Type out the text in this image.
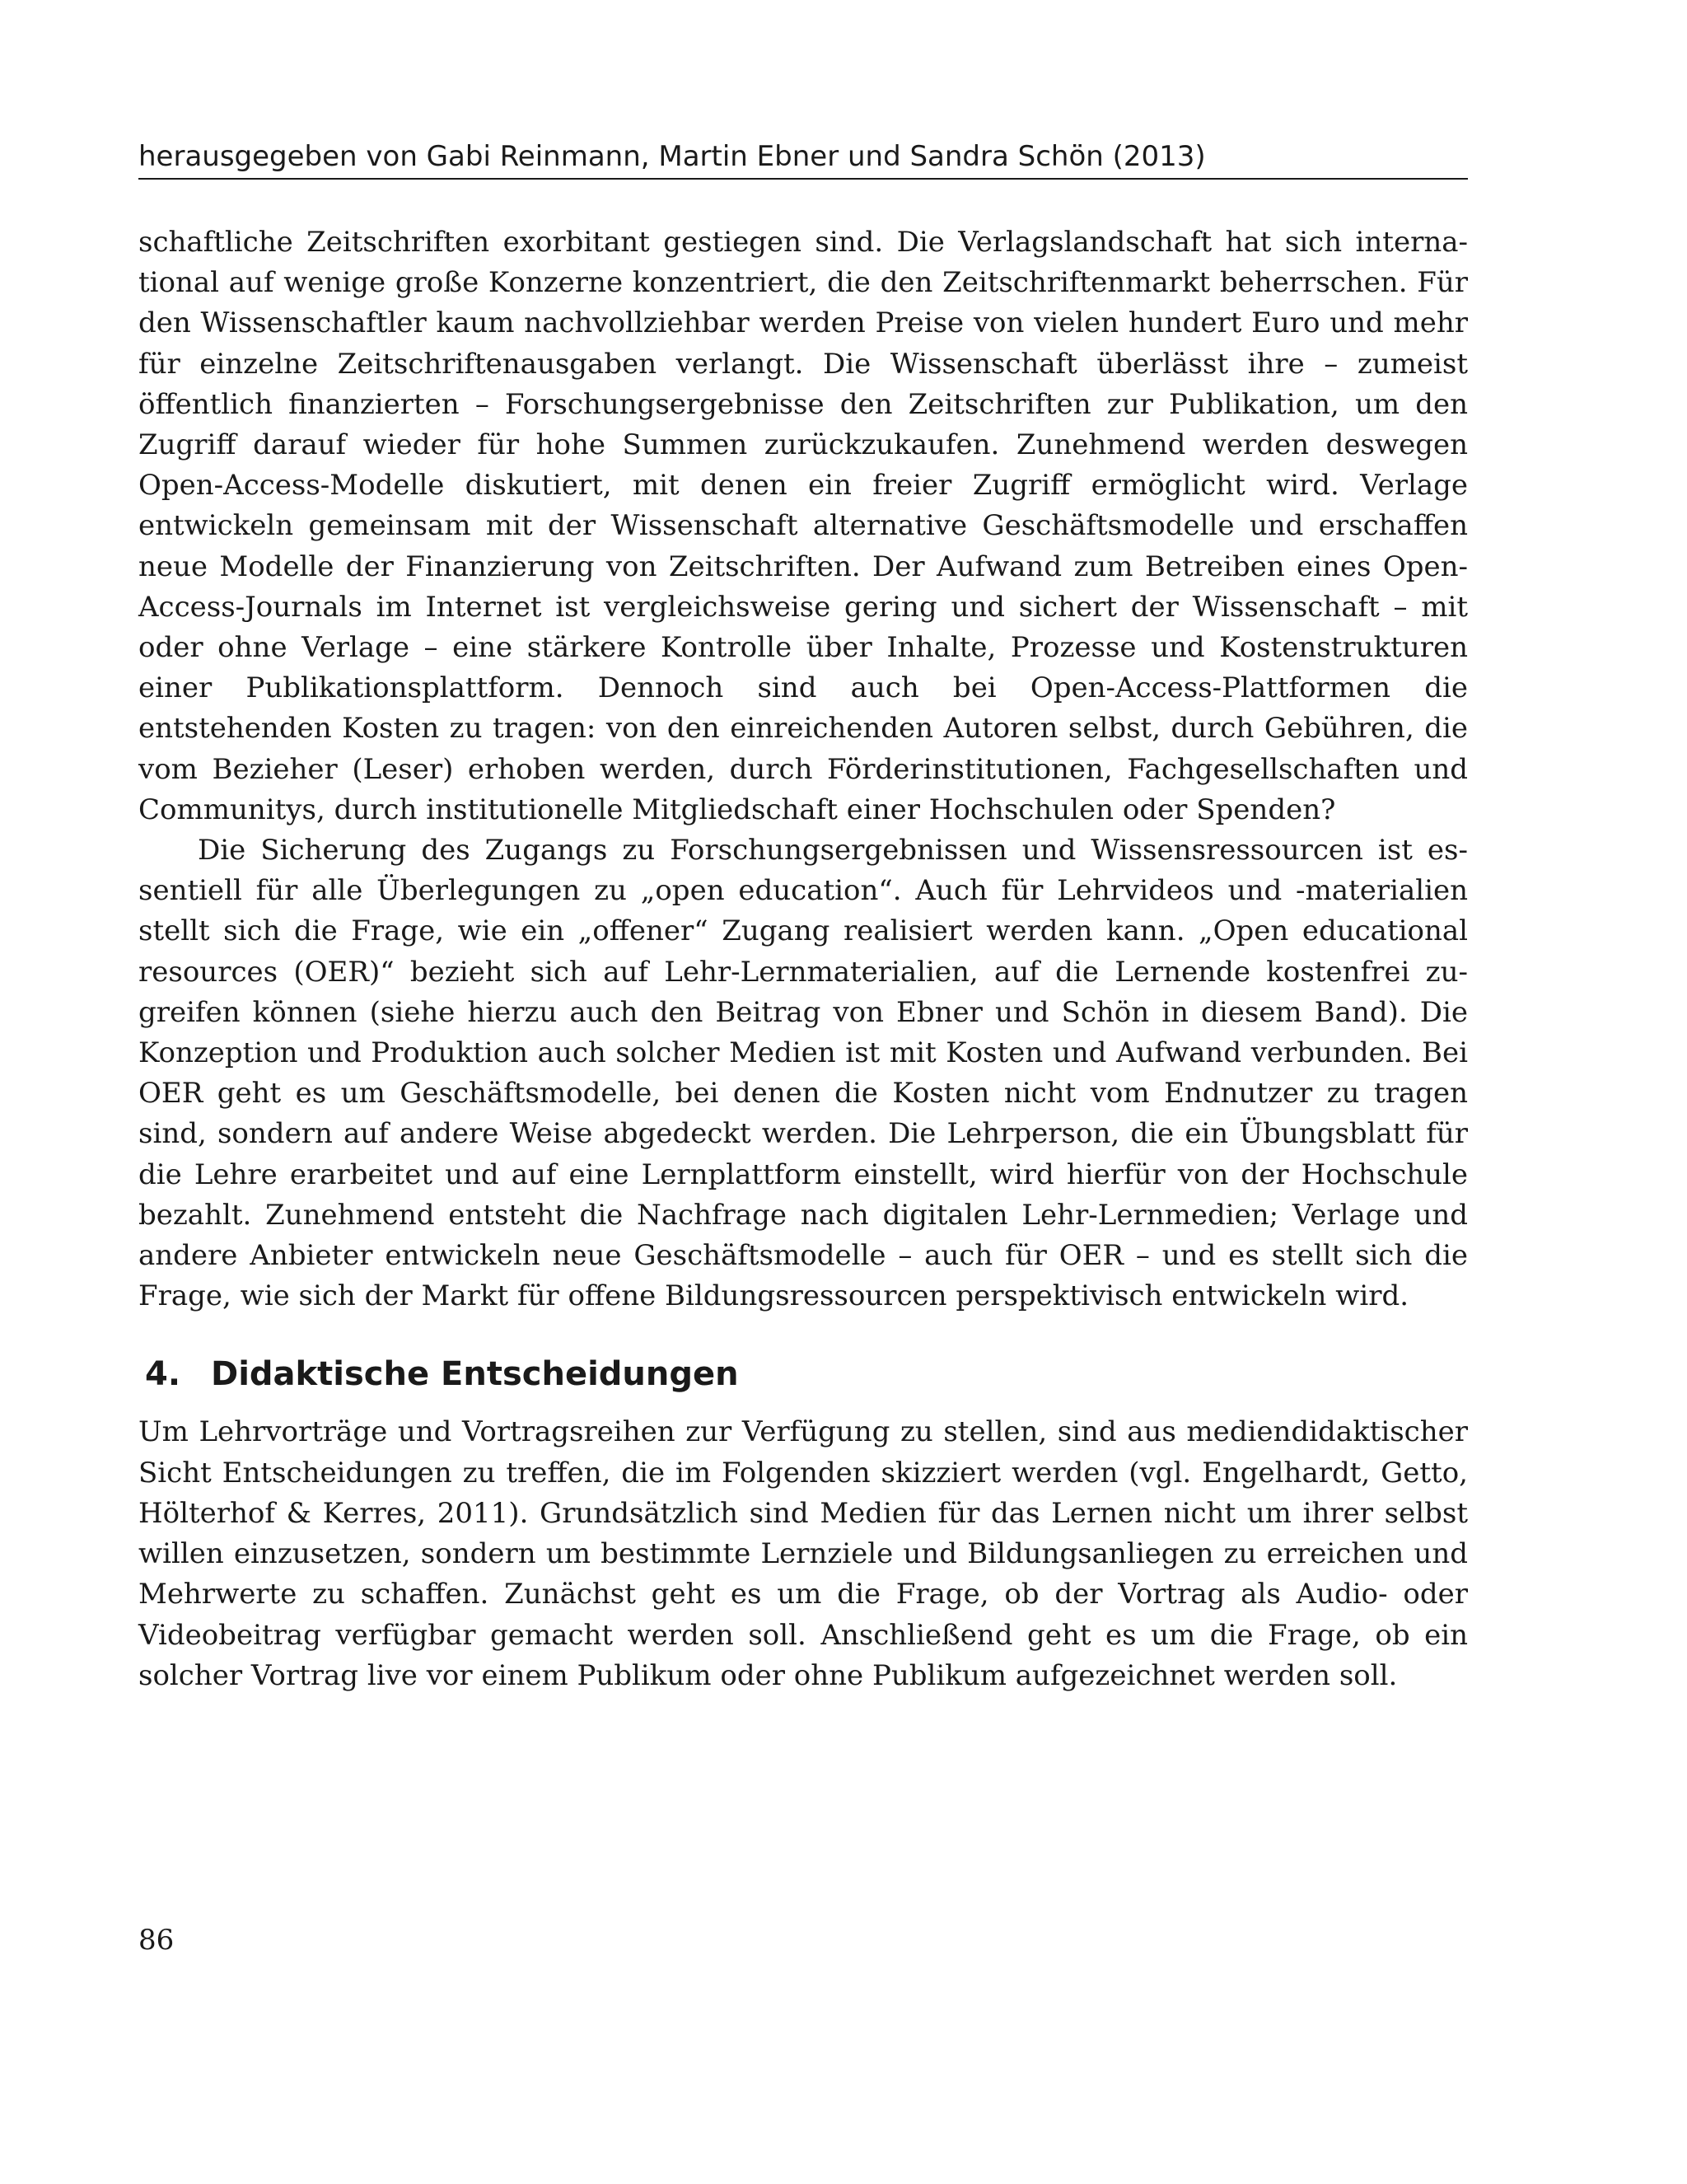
herausgegeben von Gabi Reinmann, Martin Ebner und Sandra Schön (2013)

schaftliche Zeitschriften exorbitant gestiegen sind. Die Verlagslandschaft hat sich international auf wenige große Konzerne konzentriert, die den Zeitschriftenmarkt beherrschen. Für den Wissenschaftler kaum nachvollziehbar werden Preise von vielen hundert Euro und mehr für einzelne Zeitschriftenausgaben verlangt. Die Wissenschaft überlässt ihre – zumeist öffentlich finanzierten – Forschungsergebnisse den Zeitschriften zur Publikation, um den Zugriff darauf wieder für hohe Summen zurückzukaufen. Zunehmend werden deswegen Open-Access-Modelle diskutiert, mit denen ein freier Zugriff ermöglicht wird. Verlage entwickeln gemeinsam mit der Wissenschaft alternative Geschäftsmodelle und erschaffen neue Modelle der Finanzierung von Zeitschriften. Der Aufwand zum Betreiben eines Open-Access-Journals im Internet ist vergleichsweise gering und sichert der Wissenschaft – mit oder ohne Verlage – eine stärkere Kontrolle über Inhalte, Prozesse und Kostenstrukturen einer Publikationsplattform. Dennoch sind auch bei Open-Access-Plattformen die entstehenden Kosten zu tragen: von den einreichenden Autoren selbst, durch Gebühren, die vom Bezieher (Leser) erhoben werden, durch Förderinstitutionen, Fachgesellschaften und Communitys, durch institutionelle Mitgliedschaft einer Hochschulen oder Spenden?

Die Sicherung des Zugangs zu Forschungsergebnissen und Wissensressourcen ist essentiell für alle Überlegungen zu „open education“. Auch für Lehrvideos und -materialien stellt sich die Frage, wie ein „offener“ Zugang realisiert werden kann. „Open educational resources (OER)“ bezieht sich auf Lehr-Lernmaterialien, auf die Lernende kostenfrei zugreifen können (siehe hierzu auch den Beitrag von Ebner und Schön in diesem Band). Die Konzeption und Produktion auch solcher Medien ist mit Kosten und Aufwand verbunden. Bei OER geht es um Geschäftsmodelle, bei denen die Kosten nicht vom Endnutzer zu tragen sind, sondern auf andere Weise abgedeckt werden. Die Lehrperson, die ein Übungsblatt für die Lehre erarbeitet und auf eine Lernplattform einstellt, wird hierfür von der Hochschule bezahlt. Zunehmend entsteht die Nachfrage nach digitalen Lehr-Lernmedien; Verlage und andere Anbieter entwickeln neue Geschäftsmodelle – auch für OER – und es stellt sich die Frage, wie sich der Markt für offene Bildungsressourcen perspektivisch entwickeln wird.

4. Didaktische Entscheidungen

Um Lehrvorträge und Vortragsreihen zur Verfügung zu stellen, sind aus mediendidaktischer Sicht Entscheidungen zu treffen, die im Folgenden skizziert werden (vgl. Engelhardt, Getto, Hölterhof & Kerres, 2011). Grundsätzlich sind Medien für das Lernen nicht um ihrer selbst willen einzusetzen, sondern um bestimmte Lernziele und Bildungsanliegen zu erreichen und Mehrwerte zu schaffen. Zunächst geht es um die Frage, ob der Vortrag als Audio- oder Videobeitrag verfügbar gemacht werden soll. Anschließend geht es um die Frage, ob ein solcher Vortrag live vor einem Publikum oder ohne Publikum aufgezeichnet werden soll.

86
